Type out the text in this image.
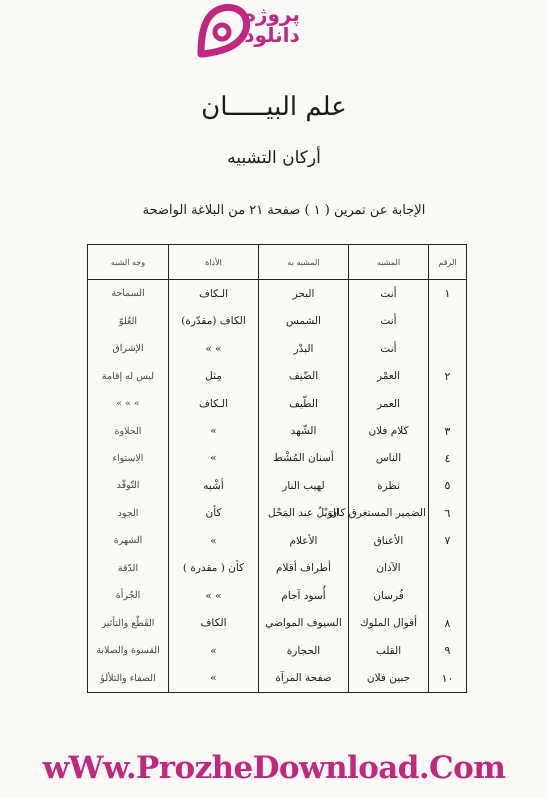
پروژه
دانلود
علم البيـــــان
أركان التشبيه
الإجابة عن تمرين ( ١ ) صفحة ٢١ من البلاغة الواضحة
الرقم	المشبه	المشبه به	الأداة	وجه الشبه
١	أنت	البحر	الـكاف	السماحة
	أنت	الشمس	الكاف (مقدّرة)	العُلوّ
	أنت	البدْر	» »	الإشراق
٢	العمْر	الضّيف	مِثل	ليس له إقامة
	العمر	الطّيف	الـكاف	» » »
٣	كلام فلان	الشّهد	»	الحلاوة
٤	الناس	أسنان المُشْط	»	الاستواء
٥	نظرة	لهيب النار	أشْبه	التّوقّد
٦	الضمير المستغرق كان	الوَبْلُ عند المَحْل	كأن	الجود
٧	الأعناق	الأعلام	»	الشهرة
	الآذان	أطراف أقلام	كأن ( مقدرة )	الدّقة
	فُرسان	أُسود آجام	» »	الجُرأة
٨	أقوال الملوك	السيوف المواضي	الكاف	القَطْع والتأثير
٩	القلب	الحجارة	»	القسوة والصلابة
١٠	جبين فلان	صفحة المرآة	»	الصفاء والتلألؤ
wWw.ProzheDownload.Com
